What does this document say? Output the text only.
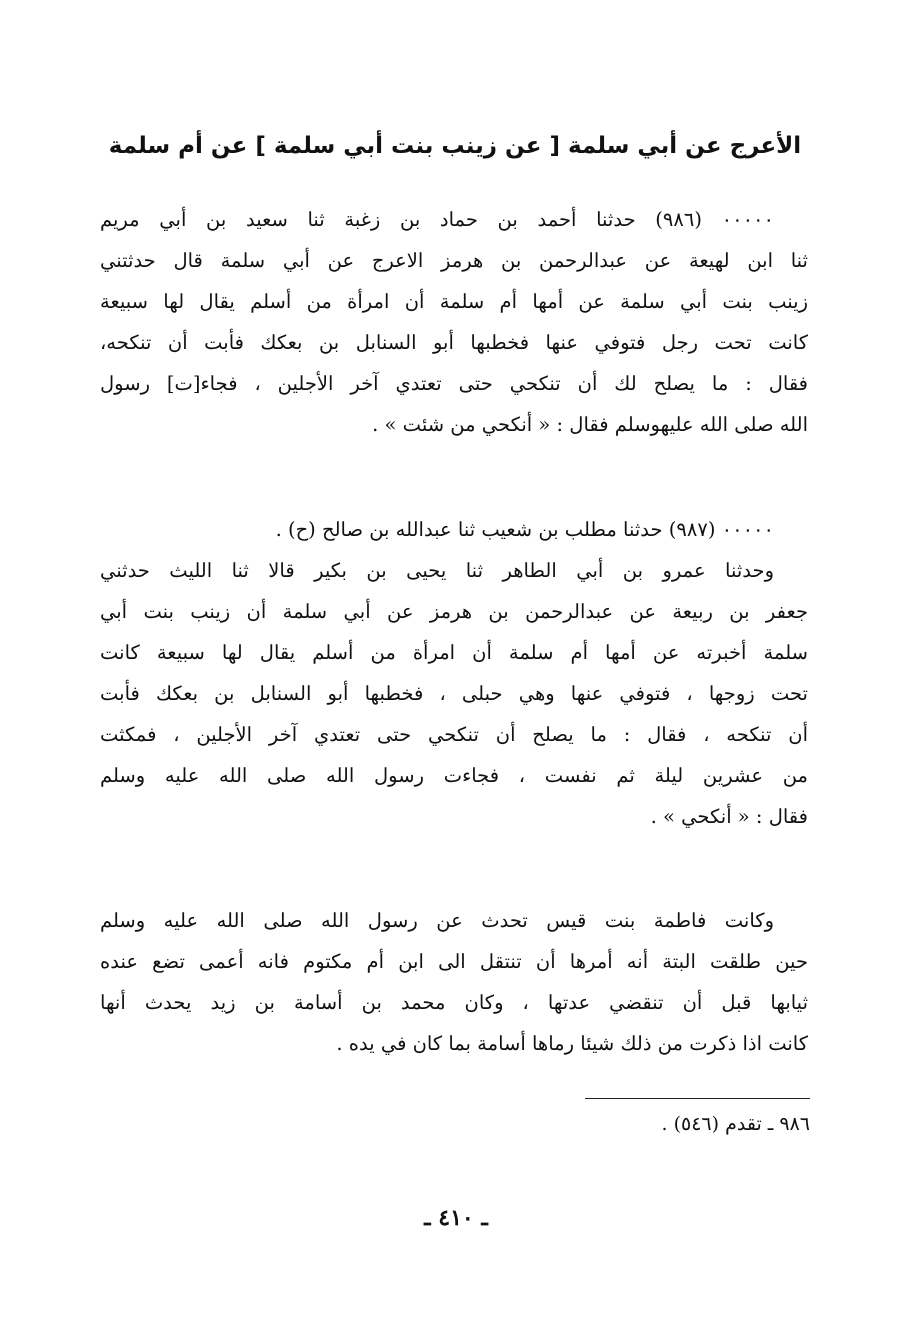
الأعرج عن أبي سلمة [ عن زينب بنت أبي سلمة ] عن أم سلمة
٠٠٠٠٠ (٩٨٦) حدثنا أحمد بن حماد بن زغبة ثنا سعيد بن أبي مريم
ثنا ابن لهيعة عن عبدالرحمن بن هرمز الاعرج عن أبي سلمة قال حدثتني
زينب بنت أبي سلمة عن أمها أم سلمة أن امرأة من أسلم يقال لها سبيعة
كانت تحت رجل فتوفي عنها فخطبها أبو السنابل بن بعكك فأبت أن تنكحه،
فقال : ما يصلح لك أن تنكحي حتى تعتدي آخر الأجلين ، فجاء[ت] رسول
الله صلى الله عليهوسلم فقال : « أنكحي من شئت » .
٠٠٠٠٠ (٩٨٧) حدثنا مطلب بن شعيب ثنا عبدالله بن صالح (ح) .
وحدثنا عمرو بن أبي الطاهر ثنا يحيى بن بكير قالا ثنا الليث حدثني
جعفر بن ربيعة عن عبدالرحمن بن هرمز عن أبي سلمة أن زينب بنت أبي
سلمة أخبرته عن أمها أم سلمة أن امرأة من أسلم يقال لها سبيعة كانت
تحت زوجها ، فتوفي عنها وهي حبلى ، فخطبها أبو السنابل بن بعكك فأبت
أن تنكحه ، فقال : ما يصلح أن تنكحي حتى تعتدي آخر الأجلين ، فمكثت
من عشرين ليلة ثم نفست ، فجاءت رسول الله صلى الله عليه وسلم
فقال : « أنكحي » .
وكانت فاطمة بنت قيس تحدث عن رسول الله صلى الله عليه وسلم
حين طلقت البتة أنه أمرها أن تنتقل الى ابن أم مكتوم فانه أعمى تضع عنده
ثيابها قبل أن تنقضي عدتها ، وكان محمد بن أسامة بن زيد يحدث أنها
كانت اذا ذكرت من ذلك شيئا رماها أسامة بما كان في يده .
٩٨٦ ـ تقدم (٥٤٦) .
ـ ٤١٠ ـ
